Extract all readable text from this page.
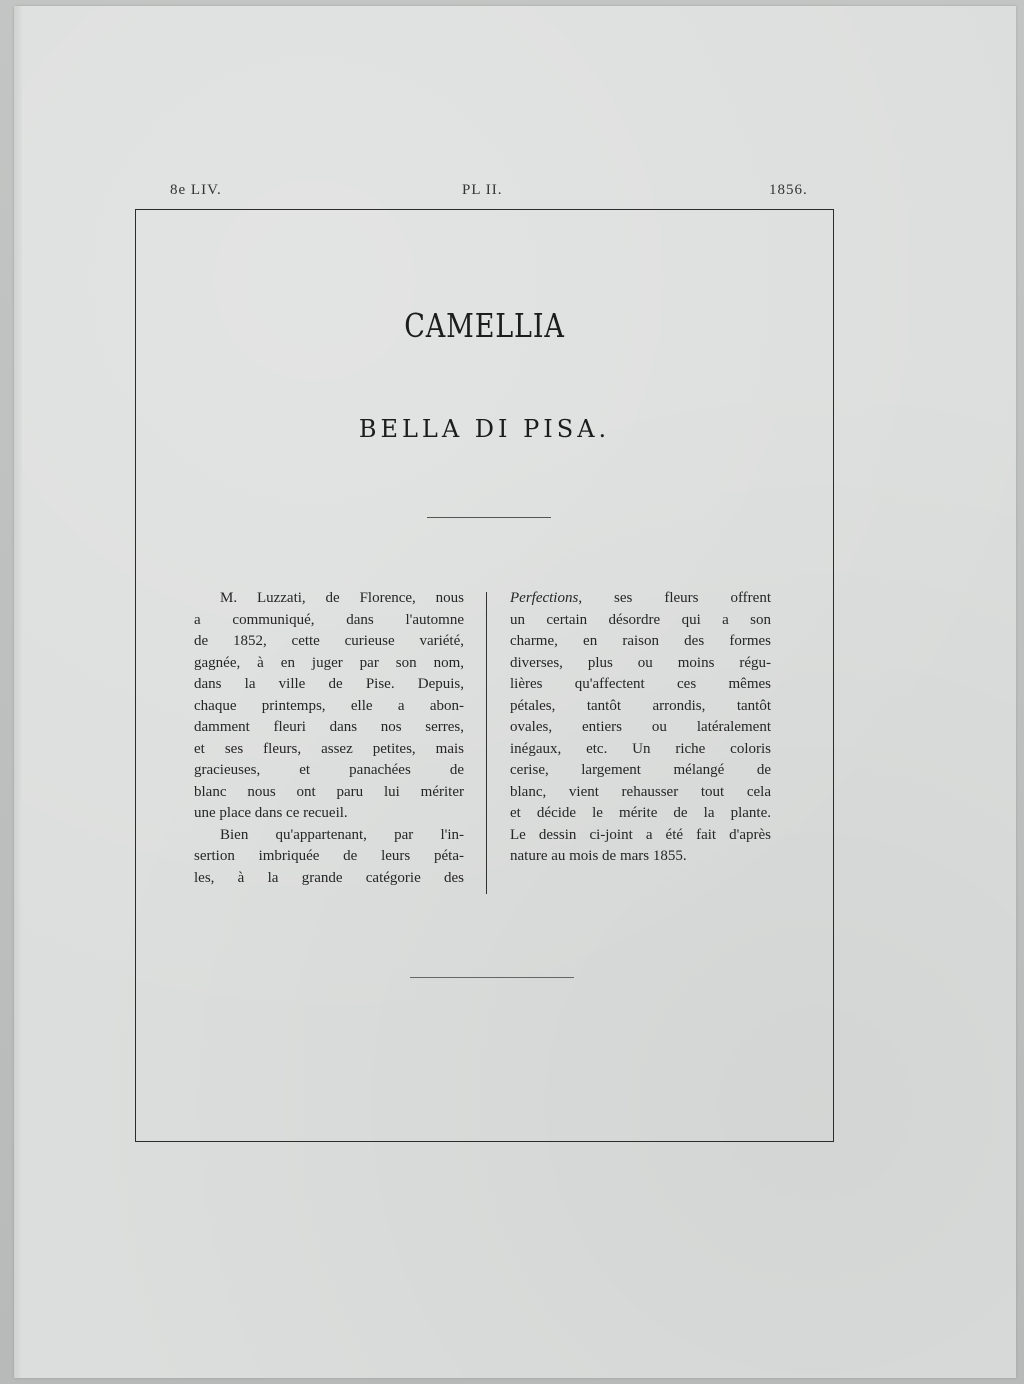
8e LIV.	PL II.	1856.
CAMELLIA
BELLA DI PISA.
M. Luzzati, de Florence, nous
a communiqué, dans l'automne
de 1852, cette curieuse variété,
gagnée, à en juger par son nom,
dans la ville de Pise. Depuis,
chaque printemps, elle a abon-
damment fleuri dans nos serres,
et ses fleurs, assez petites, mais
gracieuses, et panachées de
blanc nous ont paru lui mériter
une place dans ce recueil.
Bien qu'appartenant, par l'in-
sertion imbriquée de leurs péta-
les, à la grande catégorie des
Perfections, ses fleurs offrent
un certain désordre qui a son
charme, en raison des formes
diverses, plus ou moins régu-
lières qu'affectent ces mêmes
pétales, tantôt arrondis, tantôt
ovales, entiers ou latéralement
inégaux, etc. Un riche coloris
cerise, largement mélangé de
blanc, vient rehausser tout cela
et décide le mérite de la plante.
Le dessin ci-joint a été fait d'après
nature au mois de mars 1855.
